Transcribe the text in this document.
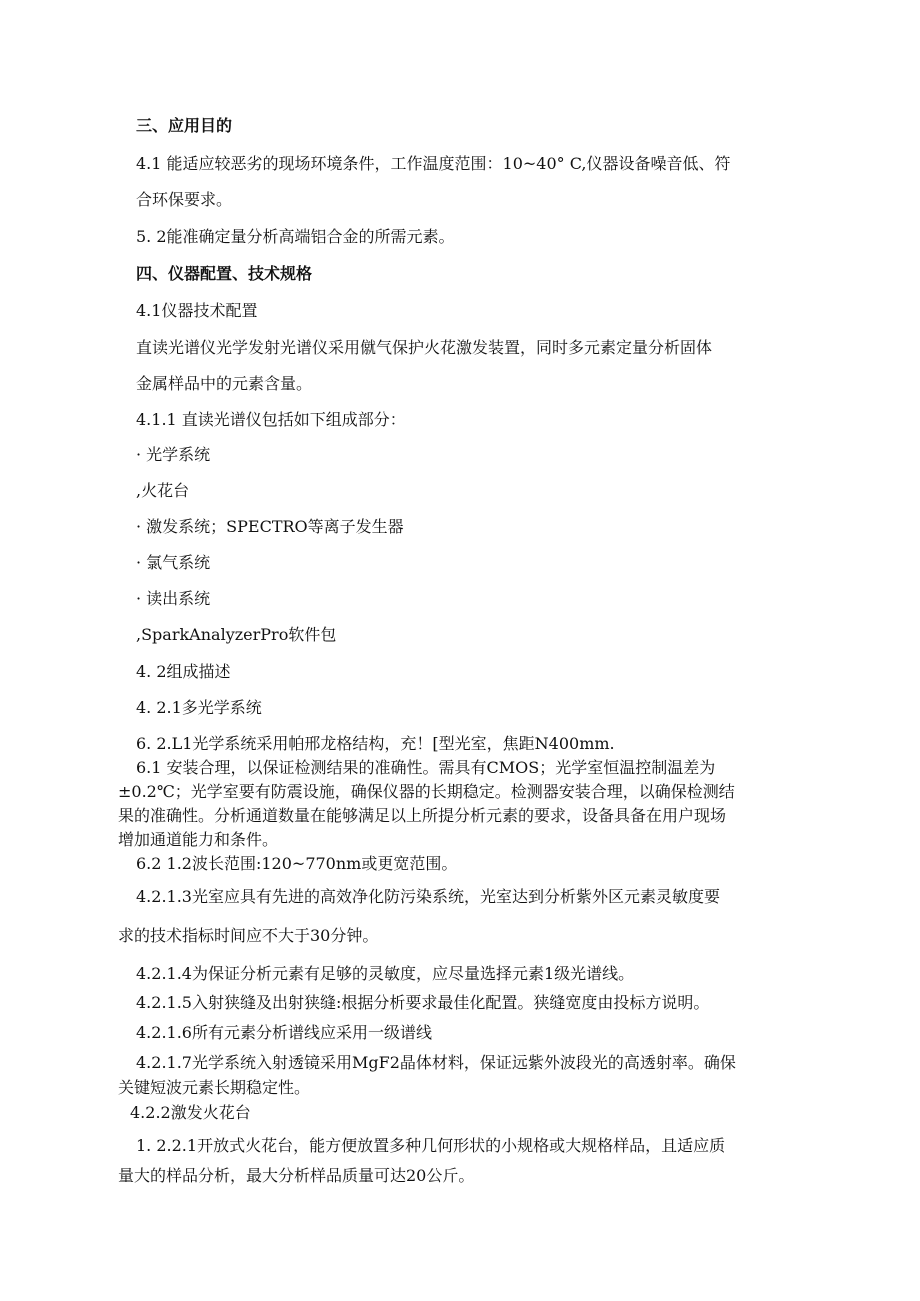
三、应用目的
4.1 能适应较恶劣的现场环境条件，工作温度范围：10~40° C,仪器设备噪音低、符
合环保要求。
5. 2能准确定量分析高端铝合金的所需元素。
四、仪器配置、技术规格
4.1仪器技术配置
直读光谱仪光学发射光谱仪采用僦气保护火花激发装置，同时多元素定量分析固体
金属样品中的元素含量。
4.1.1 直读光谱仪包括如下组成部分：
· 光学系统
,火花台
· 激发系统；SPECTRO等离子发生器
· 氯气系统
· 读出系统
,SparkAnalyzerPro软件包
4. 2组成描述
4. 2.1多光学系统
6. 2.L1光学系统采用帕邢龙格结构，充！[型光室，焦距N400mm.
6.1 安装合理，以保证检测结果的准确性。需具有CMOS；光学室恒温控制温差为
±0.2℃；光学室要有防震设施，确保仪器的长期稳定。检测器安装合理，以确保检测结
果的准确性。分析通道数量在能够满足以上所提分析元素的要求，设备具备在用户现场
增加通道能力和条件。
6.2 1.2波长范围:120~770nm或更宽范围。
4.2.1.3光室应具有先进的高效净化防污染系统，光室达到分析紫外区元素灵敏度要
求的技术指标时间应不大于30分钟。
4.2.1.4为保证分析元素有足够的灵敏度，应尽量选择元素1级光谱线。
4.2.1.5入射狭缝及出射狭缝:根据分析要求最佳化配置。狭缝宽度由投标方说明。
4.2.1.6所有元素分析谱线应采用一级谱线
4.2.1.7光学系统入射透镜采用MgF2晶体材料，保证远紫外波段光的高透射率。确保
关键短波元素长期稳定性。
4.2.2激发火花台
1. 2.2.1开放式火花台，能方便放置多种几何形状的小规格或大规格样品，且适应质
量大的样品分析，最大分析样品质量可达20公斤。
